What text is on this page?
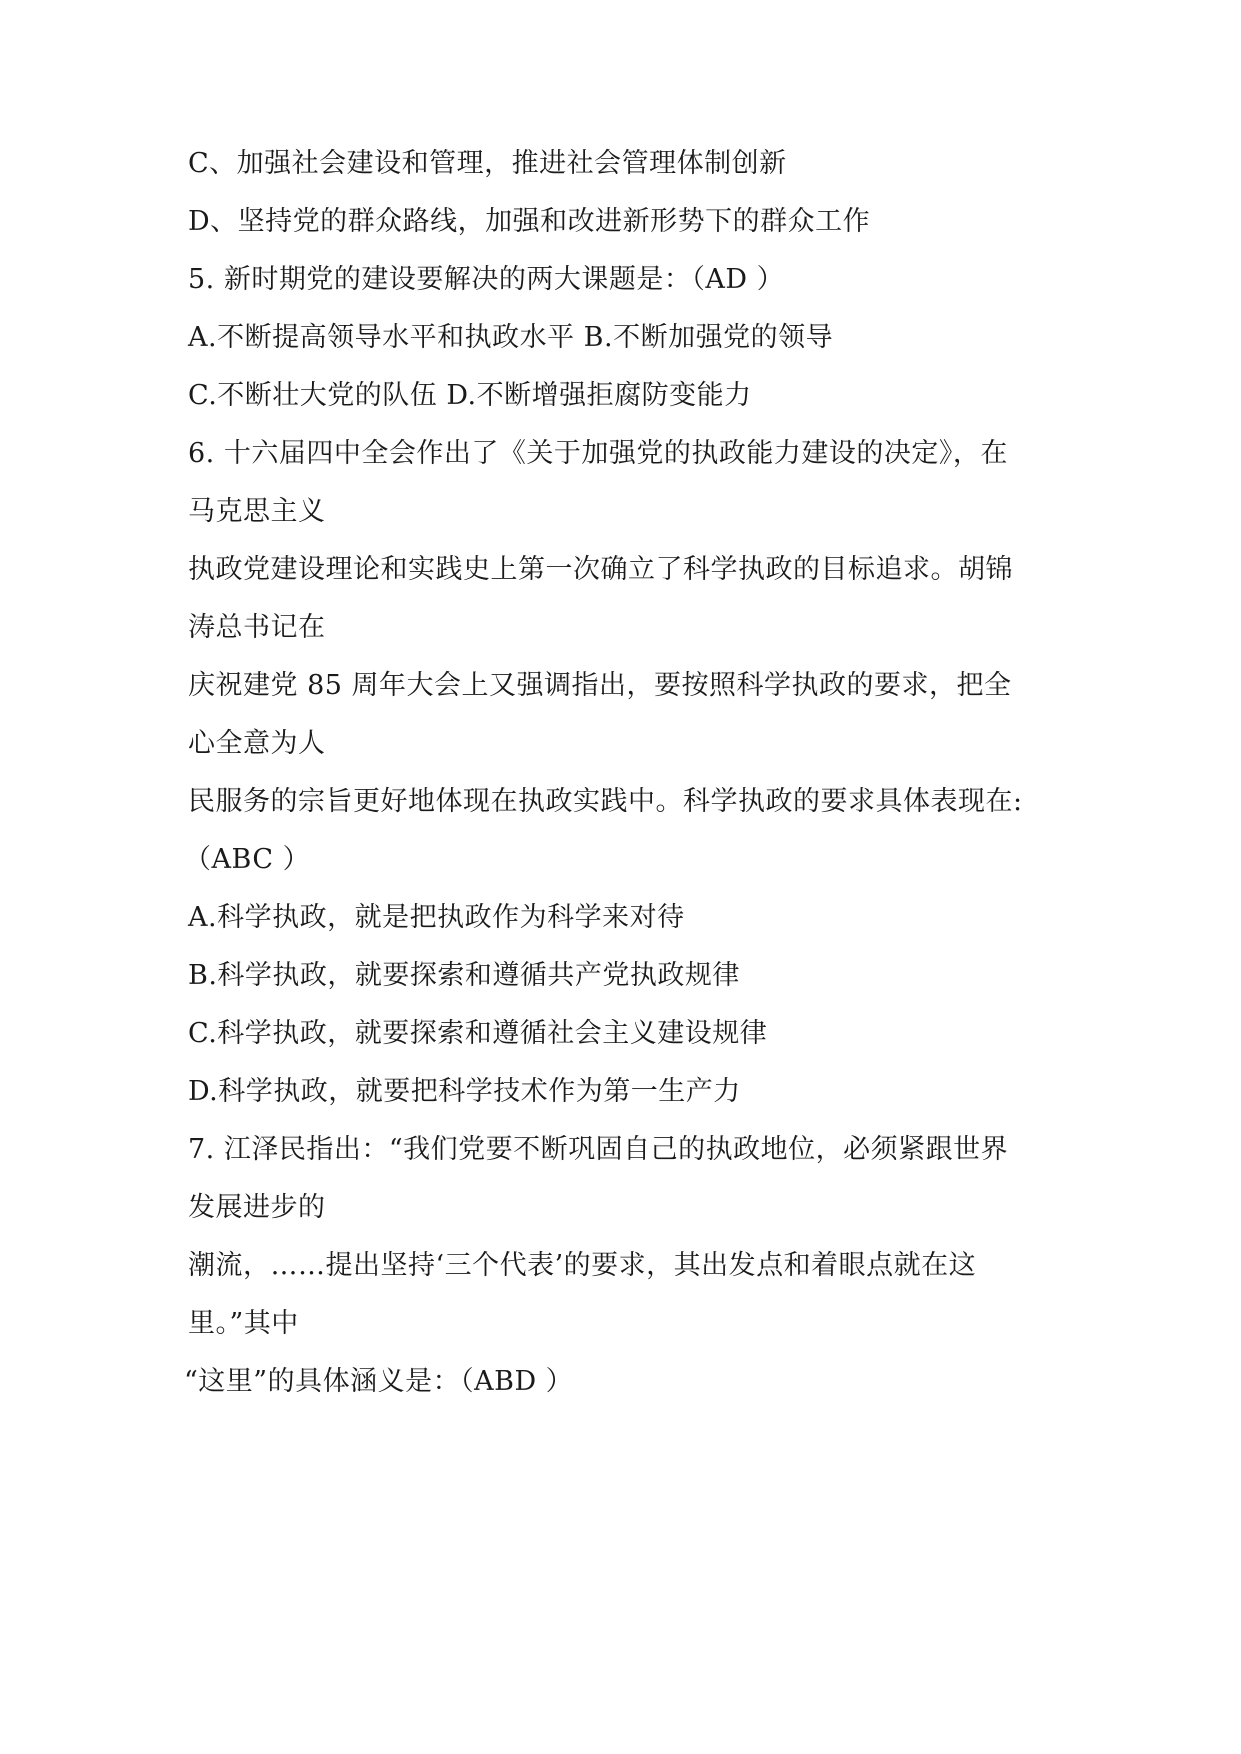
C、加强社会建设和管理，推进社会管理体制创新
D、坚持党的群众路线，加强和改进新形势下的群众工作
5. 新时期党的建设要解决的两大课题是：（AD ）
A.不断提高领导水平和执政水平 B.不断加强党的领导
C.不断壮大党的队伍 D.不断增强拒腐防变能力
6. 十六届四中全会作出了《关于加强党的执政能力建设的决定》，在
马克思主义
执政党建设理论和实践史上第一次确立了科学执政的目标追求。胡锦
涛总书记在
庆祝建党 85 周年大会上又强调指出，要按照科学执政的要求，把全
心全意为人
民服务的宗旨更好地体现在执政实践中。科学执政的要求具体表现在:
（ABC ）
A.科学执政，就是把执政作为科学来对待
B.科学执政，就要探索和遵循共产党执政规律
C.科学执政，就要探索和遵循社会主义建设规律
D.科学执政，就要把科学技术作为第一生产力
7. 江泽民指出：“我们党要不断巩固自己的执政地位，必须紧跟世界
发展进步的
潮流，……提出坚持‘三个代表’的要求，其出发点和着眼点就在这
里。”其中
“这里”的具体涵义是：（ABD ）
